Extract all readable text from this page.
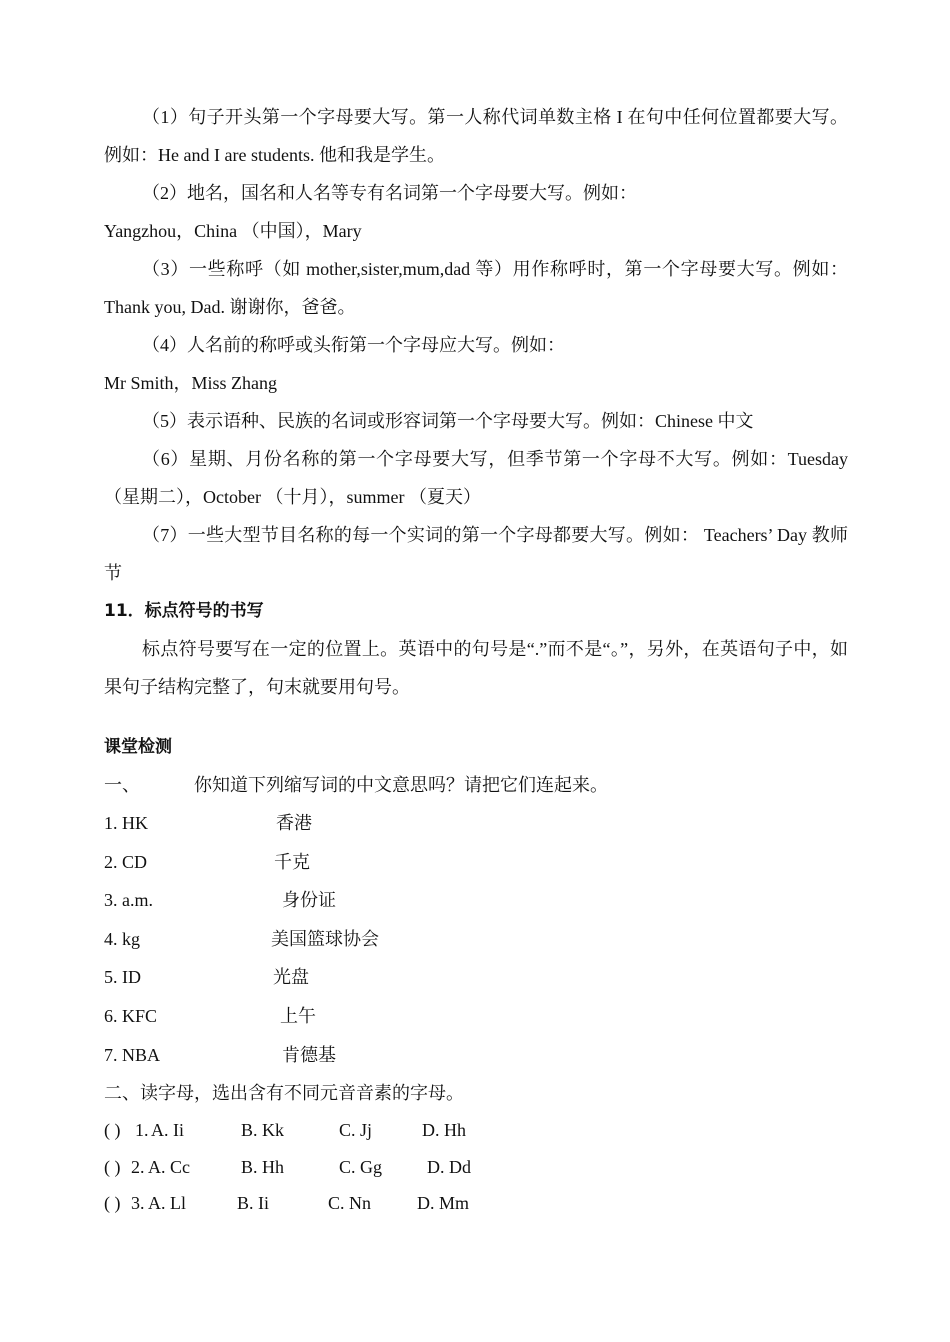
（1）句子开头第一个字母要大写。第一人称代词单数主格 I 在句中任何位置都要大写。例如：He and I are students. 他和我是学生。

（2）地名，国名和人名等专有名词第一个字母要大写。例如：

Yangzhou，China （中国），Mary

（3）一些称呼（如 mother,sister,mum,dad 等）用作称呼时，第一个字母要大写。例如：Thank you, Dad. 谢谢你，爸爸。

（4）人名前的称呼或头衔第一个字母应大写。例如：

Mr Smith，Miss Zhang

（5）表示语种、民族的名词或形容词第一个字母要大写。例如：Chinese 中文

（6）星期、月份名称的第一个字母要大写，但季节第一个字母不大写。例如：Tuesday （星期二），October （十月），summer （夏天）

（7）一些大型节目名称的每一个实词的第一个字母都要大写。例如： Teachers’ Day 教师节

11．标点符号的书写

标点符号要写在一定的位置上。英语中的句号是“.”而不是“。”，另外，在英语句子中，如果句子结构完整了，句末就要用句号。

课堂检测

一、	你知道下列缩写词的中文意思吗？请把它们连起来。
1. HK	香港
2. CD	千克
3. a.m.	身份证
4. kg	美国篮球协会
5. ID	光盘
6. KFC	上午
7. NBA	肯德基

二、读字母，选出含有不同元音音素的字母。

( ) 1. A. Ii	B. Kk	C. Jj	D. Hh
( ) 2. A. Cc	B. Hh	C. Gg D. Dd
( ) 3. A. Ll	B. Ii	C. Nn	D. Mm
